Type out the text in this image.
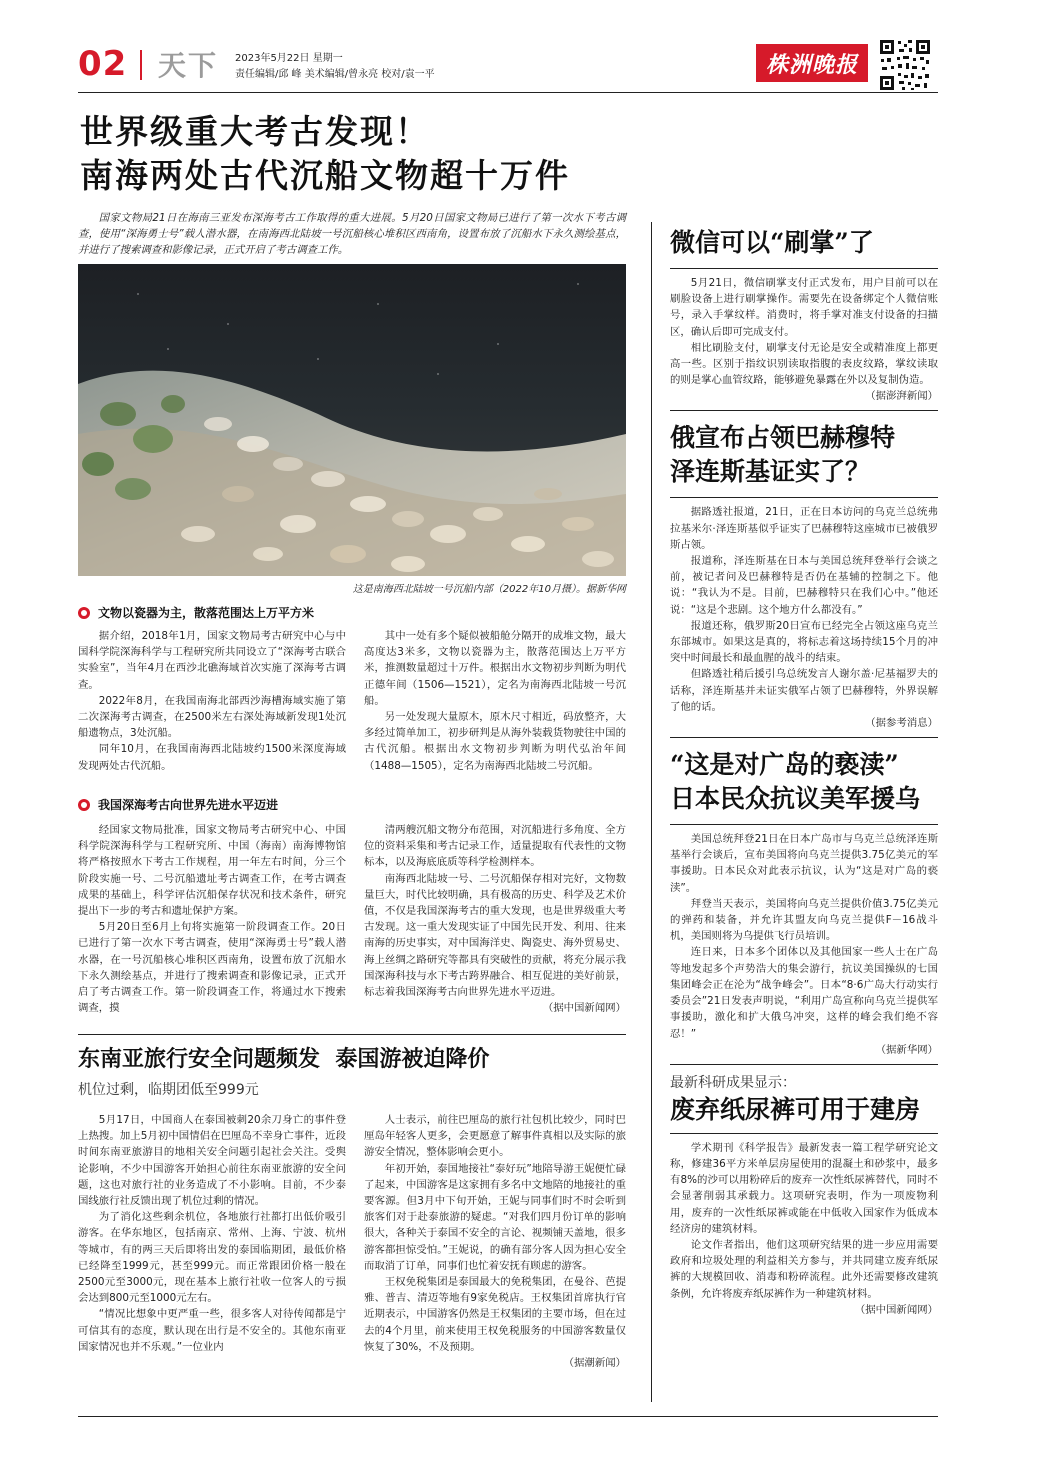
02 天下 2023年5月22日 星期一
责任编辑/邱 峰 美术编辑/曾永亮 校对/袁一平	株洲晚报
世界级重大考古发现！
南海两处古代沉船文物超十万件
国家文物局21日在海南三亚发布深海考古工作取得的重大进展。5月20日国家文物局已进行了第一次水下考古调查，使用“深海勇士号”载人潜水器，在南海西北陆坡一号沉船核心堆积区西南角，设置布放了沉船水下永久测绘基点，并进行了搜索调查和影像记录，正式开启了考古调查工作。
这是南海西北陆坡一号沉船内部（2022年10月摄）。据新华网
文物以瓷器为主，散落范围达上万平方米

据介绍，2018年1月，国家文物局考古研究中心与中国科学院深海科学与工程研究所共同设立了“深海考古联合实验室”，当年4月在西沙北礁海域首次实施了深海考古调查。

2022年8月，在我国南海北部西沙海槽海域实施了第二次深海考古调查，在2500米左右深处海域新发现1处沉船遗物点，3处沉船。

同年10月，在我国南海西北陆坡约1500米深度海域发现两处古代沉船。

其中一处有多个疑似被船舱分隔开的成堆文物，最大高度达3米多，文物以瓷器为主，散落范围达上万平方米，推测数量超过十万件。根据出水文物初步判断为明代正德年间（1506—1521），定名为南海西北陆坡一号沉船。

另一处发现大量原木，原木尺寸相近，码放整齐，大多经过简单加工，初步研判是从海外装载货物驶往中国的古代沉船。根据出水文物初步判断为明代弘治年间（1488—1505），定名为南海西北陆坡二号沉船。

我国深海考古向世界先进水平迈进

经国家文物局批准，国家文物局考古研究中心、中国科学院深海科学与工程研究所、中国（海南）南海博物馆将严格按照水下考古工作规程，用一年左右时间，分三个阶段实施一号、二号沉船遗址考古调查工作，在考古调查成果的基础上，科学评估沉船保存状况和技术条件，研究提出下一步的考古和遗址保护方案。

5月20日至6月上旬将实施第一阶段调查工作。20日已进行了第一次水下考古调查，使用“深海勇士号”载人潜水器，在一号沉船核心堆积区西南角，设置布放了沉船水下永久测绘基点，并进行了搜索调查和影像记录，正式开启了考古调查工作。第一阶段调查工作，将通过水下搜索调查，摸

清两艘沉船文物分布范围，对沉船进行多角度、全方位的资料采集和考古记录工作，适量提取有代表性的文物标本，以及海底底质等科学检测样本。

南海西北陆坡一号、二号沉船保存相对完好，文物数量巨大，时代比较明确，具有极高的历史、科学及艺术价值，不仅是我国深海考古的重大发现，也是世界级重大考古发现。这一重大发现实证了中国先民开发、利用、往来南海的历史事实，对中国海洋史、陶瓷史、海外贸易史、海上丝绸之路研究等都具有突破性的贡献，将充分展示我国深海科技与水下考古跨界融合、相互促进的美好前景，标志着我国深海考古向世界先进水平迈进。

（据中国新闻网）
东南亚旅行安全问题频发  泰国游被迫降价
机位过剩，临期团低至999元

5月17日，中国商人在泰国被刺20余刀身亡的事件登上热搜。加上5月初中国情侣在巴厘岛不幸身亡事件，近段时间东南亚旅游目的地相关安全问题引起社会关注。受舆论影响，不少中国游客开始担心前往东南亚旅游的安全问题，这也对旅行社的业务造成了不小影响。目前，不少泰国线旅行社反馈出现了机位过剩的情况。

为了消化这些剩余机位，各地旅行社都打出低价吸引游客。在华东地区，包括南京、常州、上海、宁波、杭州等城市，有的两三天后即将出发的泰国临期团，最低价格已经降至1999元，甚至999元。而正常跟团价格一般在2500元至3000元，现在基本上旅行社收一位客人的亏损会达到800元至1000元左右。

“情况比想象中更严重一些，很多客人对待传闻都是宁可信其有的态度，默认现在出行是不安全的。其他东南亚国家情况也并不乐观。”一位业内

人士表示，前往巴厘岛的旅行社包机比较少，同时巴厘岛年轻客人更多，会更愿意了解事件真相以及实际的旅游安全情况，整体影响会更小。

年初开始，泰国地接社“泰好玩”地陪导游王妮便忙碌了起来，中国游客是这家拥有多名中文地陪的地接社的重要客源。但3月中下旬开始，王妮与同事们时不时会听到旅客们对于赴泰旅游的疑虑。“对我们四月份订单的影响很大，各种关于泰国不安全的言论、视频铺天盖地，很多游客都担惊受怕。”王妮说，的确有部分客人因为担心安全而取消了订单，同事们也忙着安抚有顾虑的游客。

王权免税集团是泰国最大的免税集团，在曼谷、芭提雅、普吉、清迈等地有9家免税店。王权集团首席执行官近期表示，中国游客仍然是王权集团的主要市场，但在过去的4个月里，前来使用王权免税服务的中国游客数量仅恢复了30%，不及预期。

（据潮新闻）
微信可以“刷掌”了

5月21日，微信刷掌支付正式发布，用户目前可以在刷脸设备上进行刷掌操作。需要先在设备绑定个人微信账号，录入手掌纹样。消费时，将手掌对准支付设备的扫描区，确认后即可完成支付。

相比刷脸支付，刷掌支付无论是安全或精准度上都更高一些。区别于指纹识别读取指腹的表皮纹路，掌纹读取的则是掌心血管纹路，能够避免暴露在外以及复制伪造。

（据澎湃新闻）
俄宣布占领巴赫穆特
泽连斯基证实了？

据路透社报道，21日，正在日本访问的乌克兰总统弗拉基米尔·泽连斯基似乎证实了巴赫穆特这座城市已被俄罗斯占领。

报道称，泽连斯基在日本与美国总统拜登举行会谈之前，被记者问及巴赫穆特是否仍在基辅的控制之下。他说：“我认为不是。目前，巴赫穆特只在我们心中。”他还说：“这是个悲剧。这个地方什么都没有。”

报道还称，俄罗斯20日宣布已经完全占领这座乌克兰东部城市。如果这是真的，将标志着这场持续15个月的冲突中时间最长和最血腥的战斗的结束。

但路透社稍后援引乌总统发言人谢尔盖·尼基福罗夫的话称，泽连斯基并未证实俄军占领了巴赫穆特，外界误解了他的话。

（据参考消息）
“这是对广岛的亵渎”
日本民众抗议美军援乌

美国总统拜登21日在日本广岛市与乌克兰总统泽连斯基举行会谈后，宣布美国将向乌克兰提供3.75亿美元的军事援助。日本民众对此表示抗议，认为“这是对广岛的亵渎”。

拜登当天表示，美国将向乌克兰提供价值3.75亿美元的弹药和装备，并允许其盟友向乌克兰提供F－16战斗机，美国则将为乌提供飞行员培训。

连日来，日本多个团体以及其他国家一些人士在广岛等地发起多个声势浩大的集会游行，抗议美国操纵的七国集团峰会正在沦为“战争峰会”。日本“8·6广岛大行动实行委员会”21日发表声明说，“利用广岛宣称向乌克兰提供军事援助，激化和扩大俄乌冲突，这样的峰会我们绝不容忍！”

（据新华网）
最新科研成果显示：
废弃纸尿裤可用于建房

学术期刊《科学报告》最新发表一篇工程学研究论文称，修建36平方米单层房屋使用的混凝土和砂浆中，最多有8%的沙可以用粉碎后的废弃一次性纸尿裤替代，同时不会显著削弱其承载力。这项研究表明，作为一项废物利用，废弃的一次性纸尿裤或能在中低收入国家作为低成本经济房的建筑材料。

论文作者指出，他们这项研究结果的进一步应用需要政府和垃圾处理的利益相关方参与，并共同建立废弃纸尿裤的大规模回收、消毒和粉碎流程。此外还需要修改建筑条例，允许将废弃纸尿裤作为一种建筑材料。

（据中国新闻网）
